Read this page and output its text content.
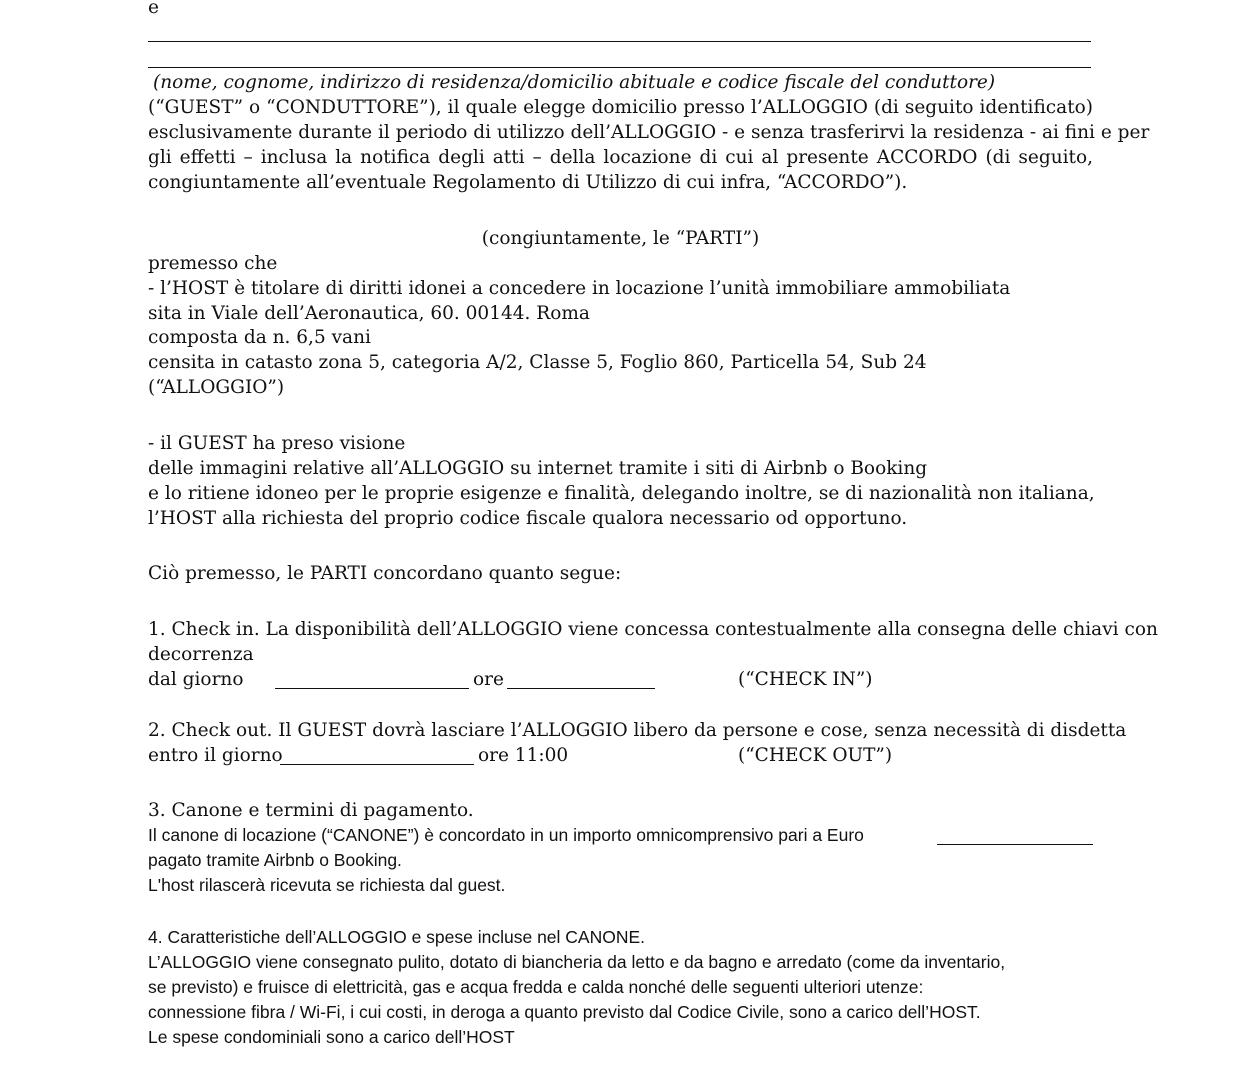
e
(nome, cognome, indirizzo di residenza/domicilio abituale e codice fiscale del conduttore)
(“GUEST” o “CONDUTTORE”), il quale elegge domicilio presso l’ALLOGGIO (di seguito identificato)
esclusivamente durante il periodo di utilizzo dell’ALLOGGIO - e senza trasferirvi la residenza - ai fini e per
gli effetti – inclusa la notifica degli atti – della locazione di cui al presente ACCORDO (di seguito,
congiuntamente all’eventuale Regolamento di Utilizzo di cui infra, “ACCORDO”).
(congiuntamente, le “PARTI”)
premesso che
- l’HOST è titolare di diritti idonei a concedere in locazione l’unità immobiliare ammobiliata
sita in Viale dell’Aeronautica, 60. 00144. Roma
composta da n. 6,5 vani
censita in catasto zona 5, categoria A/2, Classe 5, Foglio 860, Particella 54, Sub 24
(“ALLOGGIO”)
- il GUEST ha preso visione
delle immagini relative all’ALLOGGIO su internet tramite i siti di Airbnb o Booking
e lo ritiene idoneo per le proprie esigenze e finalità, delegando inoltre, se di nazionalità non italiana,
l’HOST alla richiesta del proprio codice fiscale qualora necessario od opportuno.
Ciò premesso, le PARTI concordano quanto segue:
1. Check in. La disponibilità dell’ALLOGGIO viene concessa contestualmente alla consegna delle chiavi con
decorrenza
dal giorno	ore	(“CHECK IN”)
2. Check out. Il GUEST dovrà lasciare l’ALLOGGIO libero da persone e cose, senza necessità di disdetta
entro il giorno	ore 11:00	(“CHECK OUT”)
3. Canone e termini di pagamento.
Il canone di locazione (“CANONE”) è concordato in un importo omnicomprensivo pari a Euro
pagato tramite Airbnb o Booking.
L'host rilascerà ricevuta se richiesta dal guest.
4. Caratteristiche dell’ALLOGGIO e spese incluse nel CANONE.
L’ALLOGGIO viene consegnato pulito, dotato di biancheria da letto e da bagno e arredato (come da inventario,
se previsto) e fruisce di elettricità, gas e acqua fredda e calda nonché delle seguenti ulteriori utenze:
connessione fibra / Wi-Fi, i cui costi, in deroga a quanto previsto dal Codice Civile, sono a carico dell’HOST.
Le spese condominiali sono a carico dell’HOST
